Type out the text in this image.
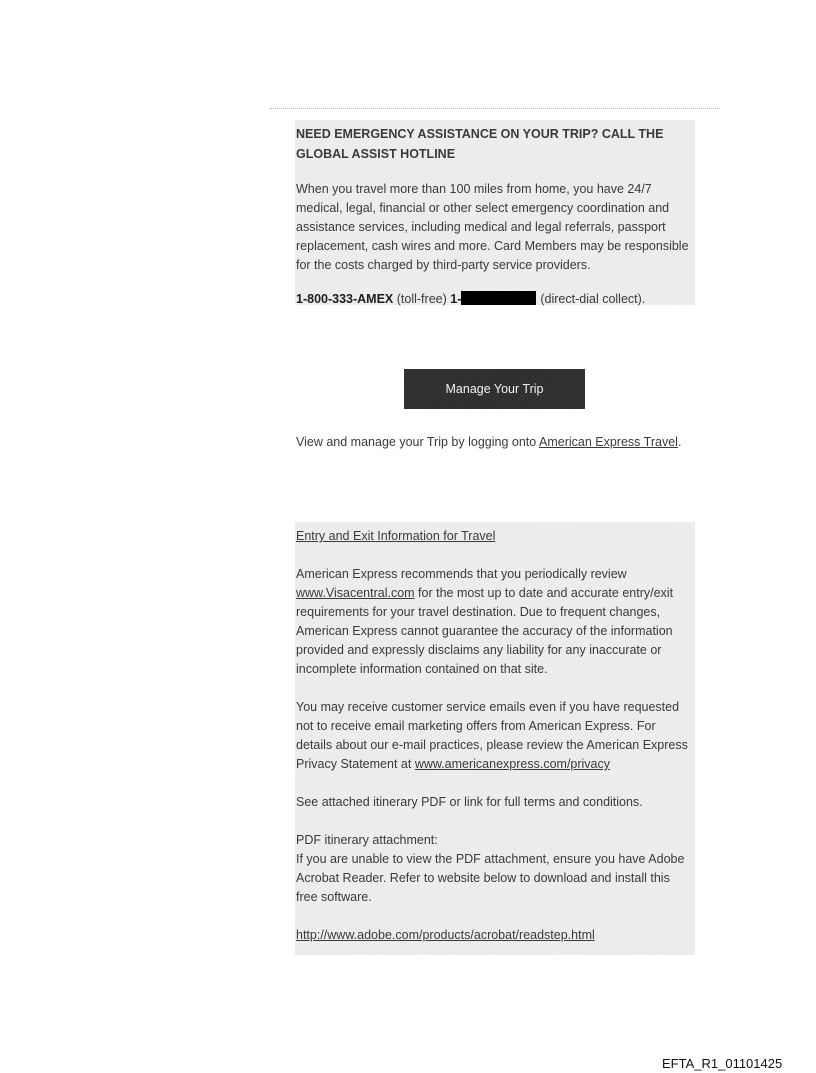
NEED EMERGENCY ASSISTANCE ON YOUR TRIP? CALL THE GLOBAL ASSIST HOTLINE
When you travel more than 100 miles from home, you have 24/7 medical, legal, financial or other select emergency coordination and assistance services, including medical and legal referrals, passport replacement, cash wires and more. Card Members may be responsible for the costs charged by third-party service providers.
1-800-333-AMEX (toll-free) 1-	(direct-dial collect).
Manage Your Trip
View and manage your Trip by logging onto American Express Travel.
Entry and Exit Information for Travel
American Express recommends that you periodically review www.Visacentral.com for the most up to date and accurate entry/exit requirements for your travel destination. Due to frequent changes, American Express cannot guarantee the accuracy of the information provided and expressly disclaims any liability for any inaccurate or incomplete information contained on that site.
You may receive customer service emails even if you have requested not to receive email marketing offers from American Express. For details about our e-mail practices, please review the American Express Privacy Statement at www.americanexpress.com/privacy
See attached itinerary PDF or link for full terms and conditions.
PDF itinerary attachment:
If you are unable to view the PDF attachment, ensure you have Adobe Acrobat Reader. Refer to website below to download and install this free software.
http://www.adobe.com/products/acrobat/readstep.html
EFTA_R1_01101425
